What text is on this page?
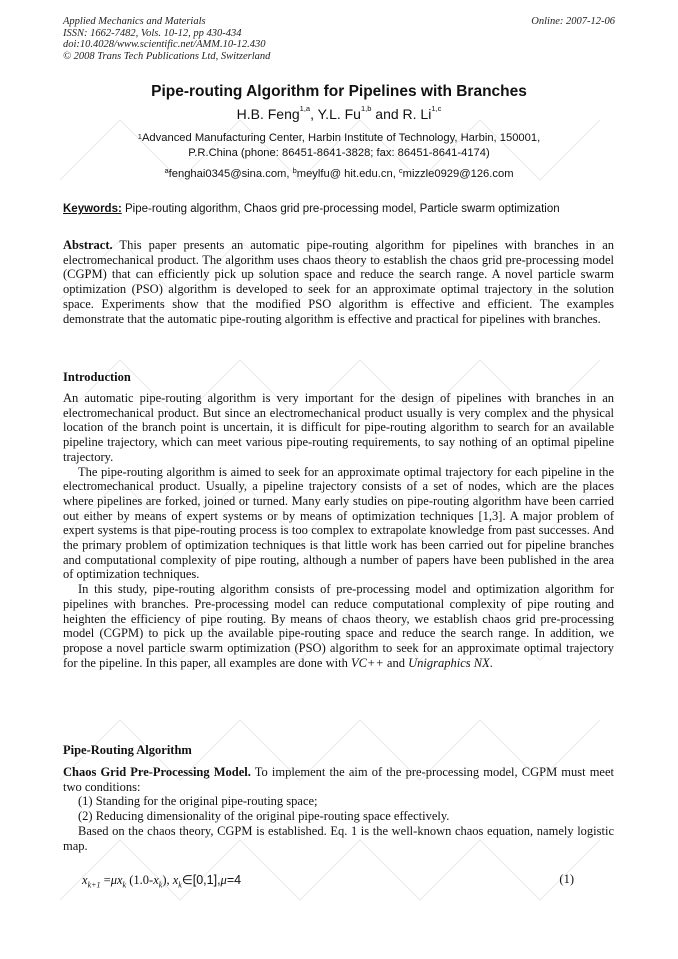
Applied Mechanics and Materials
ISSN: 1662-7482, Vols. 10-12, pp 430-434
doi:10.4028/www.scientific.net/AMM.10-12.430
© 2008 Trans Tech Publications Ltd, Switzerland
Online: 2007-12-06
Pipe-routing Algorithm for Pipelines with Branches
H.B. Feng$^{1,a}$, Y.L. Fu$^{1,b}$ and R. Li$^{1,c}$
$^1$Advanced Manufacturing Center, Harbin Institute of Technology, Harbin, 150001,
P.R.China (phone: 86451-8641-3828; fax: 86451-8641-4174)
$^a$fenghai0345@sina.com, $^b$meylfu@ hit.edu.cn, $^c$mizzle0929@126.com
Keywords: Pipe-routing algorithm, Chaos grid pre-processing model, Particle swarm optimization

Abstract. This paper presents an automatic pipe-routing algorithm for pipelines with branches in an electromechanical product. The algorithm uses chaos theory to establish the chaos grid pre-processing model (CGPM) that can efficiently pick up solution space and reduce the search range. A novel particle swarm optimization (PSO) algorithm is developed to seek for an approximate optimal trajectory in the solution space. Experiments show that the modified PSO algorithm is effective and efficient. The examples demonstrate that the automatic pipe-routing algorithm is effective and practical for pipelines with branches.

Introduction

An automatic pipe-routing algorithm is very important for the design of pipelines with branches in an electromechanical product. But since an electromechanical product usually is very complex and the physical location of the branch point is uncertain, it is difficult for pipe-routing algorithm to search for an available pipeline trajectory, which can meet various pipe-routing requirements, to say nothing of an optimal pipeline trajectory.

The pipe-routing algorithm is aimed to seek for an approximate optimal trajectory for each pipeline in the electromechanical product. Usually, a pipeline trajectory consists of a set of nodes, which are the places where pipelines are forked, joined or turned. Many early studies on pipe-routing algorithm have been carried out either by means of expert systems or by means of optimization techniques [1,3]. A major problem of expert systems is that pipe-routing process is too complex to extrapolate knowledge from past successes. And the primary problem of optimization techniques is that little work has been carried out for pipeline branches and computational complexity of pipe routing, although a number of papers have been published in the area of optimization techniques.

In this study, pipe-routing algorithm consists of pre-processing model and optimization algorithm for pipelines with branches. Pre-processing model can reduce computational complexity of pipe routing and heighten the efficiency of pipe routing. By means of chaos theory, we establish chaos grid pre-processing model (CGPM) to pick up the available pipe-routing space and reduce the search range. In addition, we propose a novel particle swarm optimization (PSO) algorithm to seek for an approximate optimal trajectory for the pipeline. In this paper, all examples are done with VC++ and Unigraphics NX.

Pipe-Routing Algorithm

Chaos Grid Pre-Processing Model. To implement the aim of the pre-processing model, CGPM must meet two conditions:

(1) Standing for the original pipe-routing space;

(2) Reducing dimensionality of the original pipe-routing space effectively.

Based on the chaos theory, CGPM is established. Eq. 1 is the well-known chaos equation, namely logistic map.

$x_{k+1} =\mu x_k$ $(1.0-x_k)$, $x_k\in[0,1],\mu=4$	(1)
